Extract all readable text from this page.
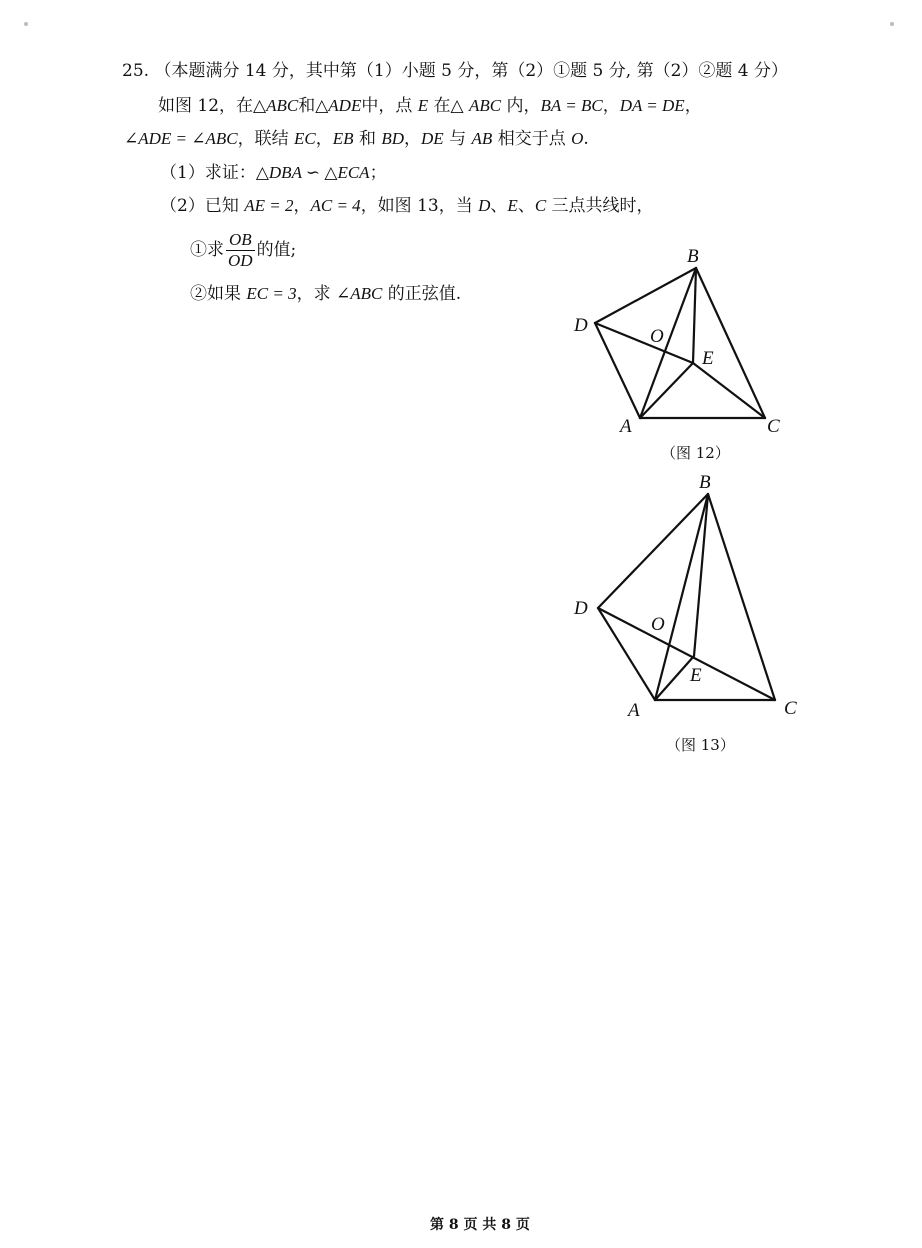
25. （本题满分 14 分，其中第（1）小题 5 分，第（2）①题 5 分, 第（2）②题 4 分）
如图 12，在△ABC和△ADE中，点 E 在△ ABC 内，BA = BC，DA = DE，
∠ADE = ∠ABC，联结 EC，EB 和 BD，DE 与 AB 相交于点 O.
（1）求证：△DBA ∽ △ECA；
（2）已知 AE = 2，AC = 4，如图 13，当 D、E、C 三点共线时，
①求 $\frac{OB}{OD}$ 的值;
②如果 EC = 3，求 ∠ABC 的正弦值.
B
D
O
E
A	C
（图 12）
B
D
O
E
A	C
（图 13）
第 8 页 共 8 页
